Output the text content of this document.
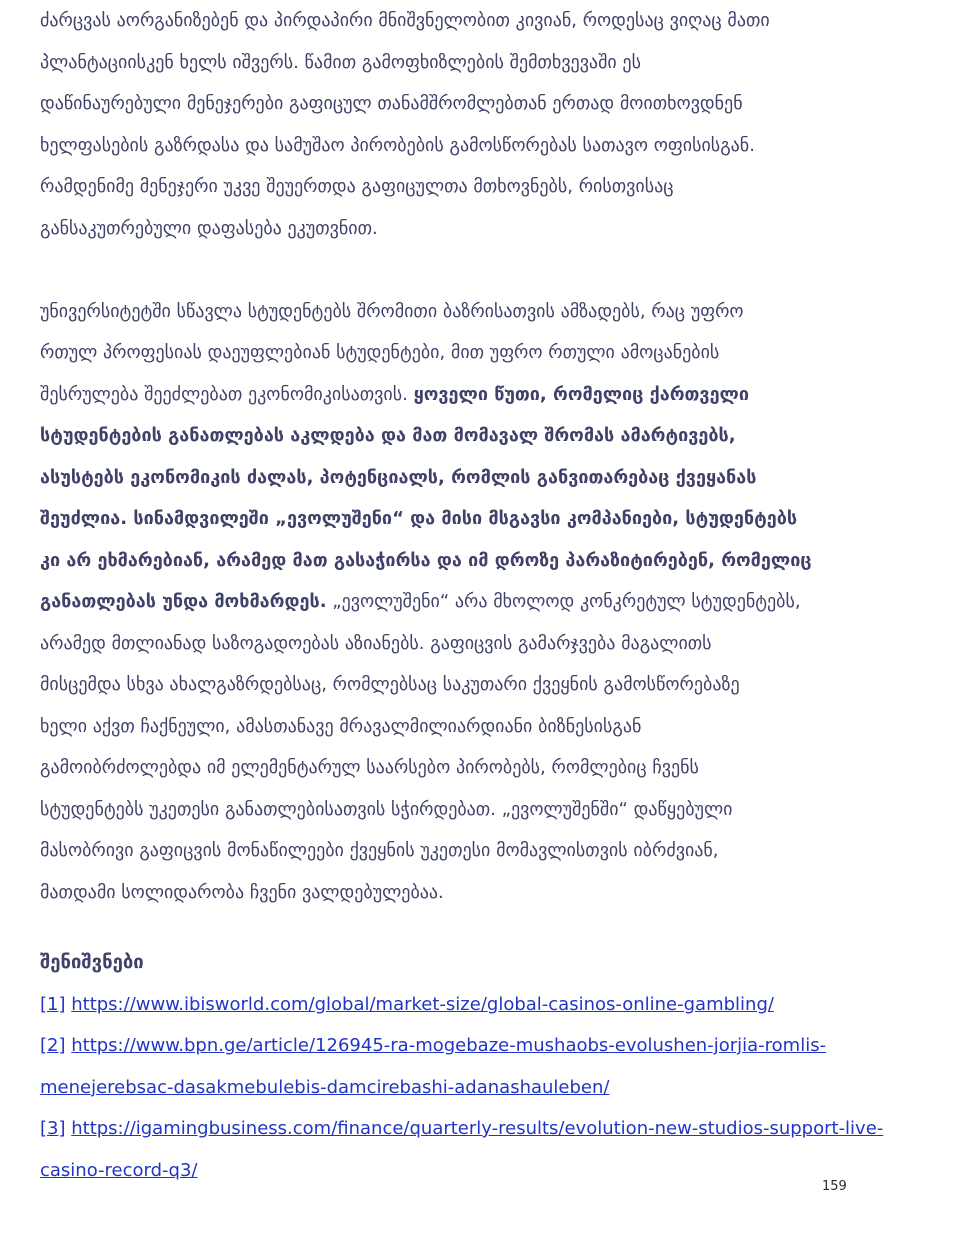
ძარცვას აორგანიზებენ და პირდაპირი მნიშვნელობით კივიან, როდესაც ვიღაც მათი
პლანტაციისკენ ხელს იშვერს. წამით გამოფხიზლების შემთხვევაში ეს
დაწინაურებული მენეჯერები გაფიცულ თანამშრომლებთან ერთად მოითხოვდნენ
ხელფასების გაზრდასა და სამუშაო პირობების გამოსწორებას სათავო ოფისისგან.
რამდენიმე მენეჯერი უკვე შეუერთდა გაფიცულთა მთხოვნებს, რისთვისაც
განსაკუთრებული დაფასება ეკუთვნით.

უნივერსიტეტში სწავლა სტუდენტებს შრომითი ბაზრისათვის ამზადებს, რაც უფრო
რთულ პროფესიას დაეუფლებიან სტუდენტები, მით უფრო რთული ამოცანების
შესრულება შეეძლებათ ეკონომიკისათვის. ყოველი წუთი, რომელიც ქართველი
სტუდენტების განათლებას აკლდება და მათ მომავალ შრომას ამარტივებს,
ასუსტებს ეკონომიკის ძალას, პოტენციალს, რომლის განვითარებაც ქვეყანას
შეუძლია. სინამდვილეში „ევოლუშენი“ და მისი მსგავსი კომპანიები, სტუდენტებს
კი არ ეხმარებიან, არამედ მათ გასაჭირსა და იმ დროზე პარაზიტირებენ, რომელიც
განათლებას უნდა მოხმარდეს. „ევოლუშენი“ არა მხოლოდ კონკრეტულ სტუდენტებს,
არამედ მთლიანად საზოგადოებას აზიანებს. გაფიცვის გამარჯვება მაგალითს
მისცემდა სხვა ახალგაზრდებსაც, რომლებსაც საკუთარი ქვეყნის გამოსწორებაზე
ხელი აქვთ ჩაქნეული, ამასთანავე მრავალმილიარდიანი ბიზნესისგან
გამოიბრძოლებდა იმ ელემენტარულ საარსებო პირობებს, რომლებიც ჩვენს
სტუდენტებს უკეთესი განათლებისათვის სჭირდებათ. „ევოლუშენში“ დაწყებული
მასობრივი გაფიცვის მონაწილეები ქვეყნის უკეთესი მომავლისთვის იბრძვიან,
მათდამი სოლიდარობა ჩვენი ვალდებულებაა.

შენიშვნები
[1] https://www.ibisworld.com/global/market-size/global-casinos-online-gambling/
[2] https://www.bpn.ge/article/126945-ra-mogebaze-mushaobs-evolushen-jorjia-romlis-
menejerebsac-dasakmebulebis-damcirebashi-adanashauleben/
[3] https://igamingbusiness.com/finance/quarterly-results/evolution-new-studios-support-live-
casino-record-q3/
159
